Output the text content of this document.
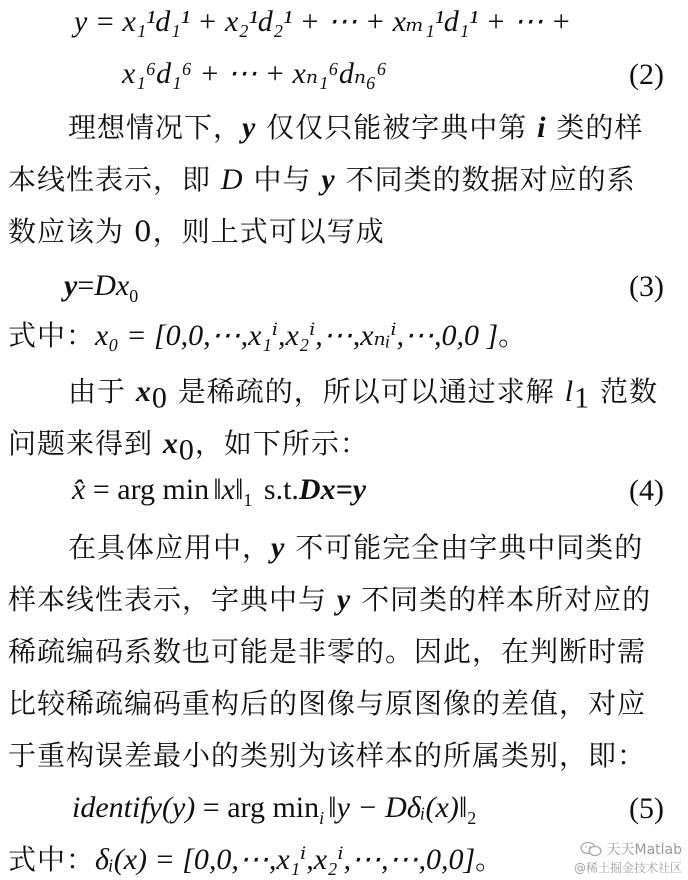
y = x₁¹d₁¹ + x₂¹d₂¹ + ⋯ + xₘ₁¹d₁¹ + ⋯ +
x₁⁶d₁⁶ + ⋯ + xₙ₁⁶dₙ₆⁶	(2)
理想情况下，y 仅仅只能被字典中第 i 类的样
本线性表示，即 D 中与 y 不同类的数据对应的系
数应该为 0，则上式可以写成
$y=Dx_0$	(3)
式中：x₀ = [0,0,⋯,x₁ⁱ,x₂ⁱ,⋯,xₙᵢⁱ,⋯,0,0 ]。
由于 $x_0$ 是稀疏的，所以可以通过求解 $l_1$ 范数
问题来得到 $x_0$，如下所示：
x̂ = arg $\min ‖x‖_1$ s.t.Dx=y	(4)
在具体应用中，y 不可能完全由字典中同类的
样本线性表示，字典中与 y 不同类的样本所对应的
稀疏编码系数也可能是非零的。因此，在判断时需
比较稀疏编码重构后的图像与原图像的差值，对应
于重构误差最小的类别为该样本的所属类别，即：
identify(y) = arg $\min_i$ ‖y − $D\delta ᵢ(x)‖_2$	(5)
式中：δᵢ(x) = [0,0,⋯,x₁ⁱ,x₂ⁱ,⋯,⋯,0,0]。	天天Matlab
@稀土掘金技术社区
